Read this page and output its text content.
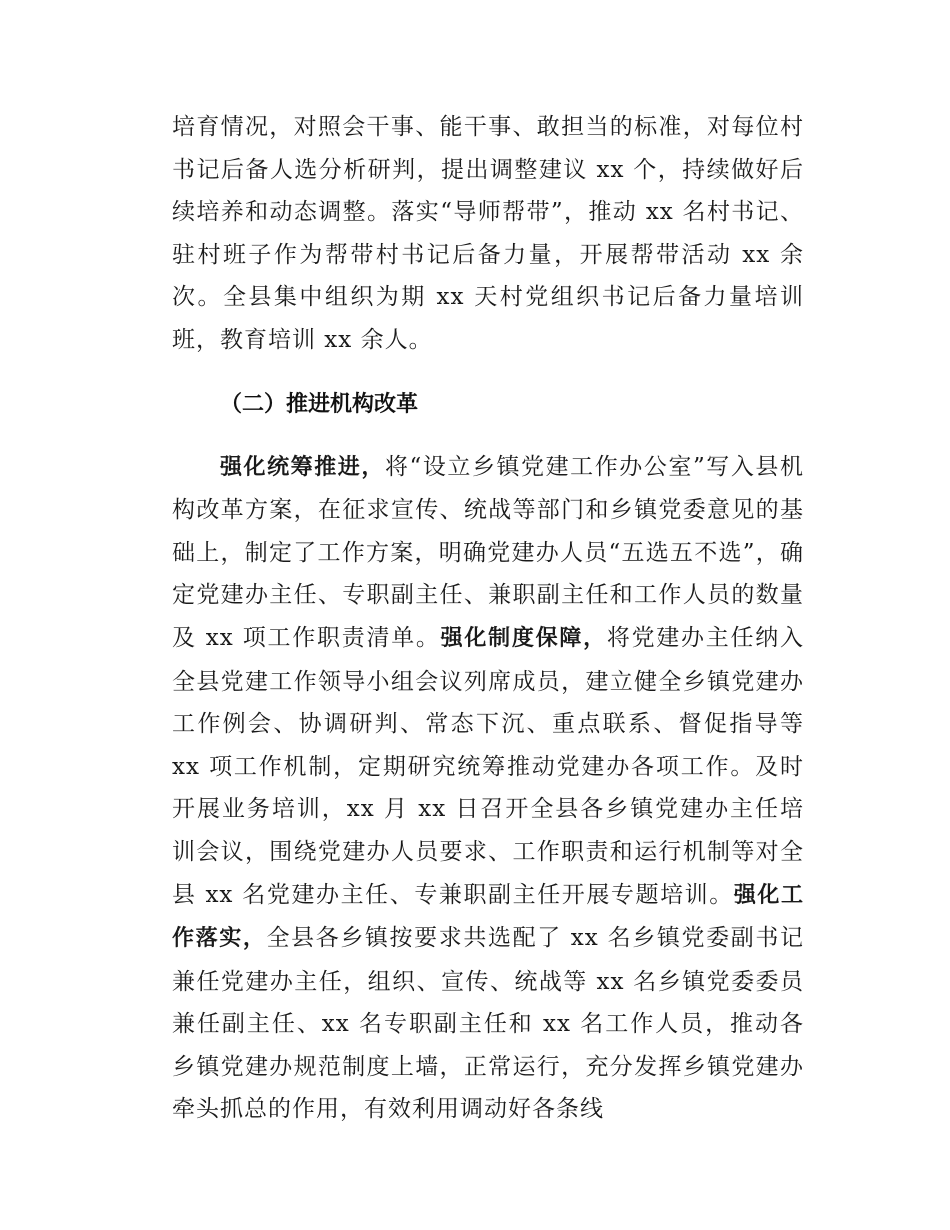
培育情况，对照会干事、能干事、敢担当的标准，对每位村书记后备人选分析研判，提出调整建议 xx 个，持续做好后续培养和动态调整。落实“导师帮带”，推动 xx 名村书记、驻村班子作为帮带村书记后备力量，开展帮带活动 xx 余次。全县集中组织为期 xx 天村党组织书记后备力量培训班，教育培训 xx 余人。

（二）推进机构改革

强化统筹推进，将“设立乡镇党建工作办公室”写入县机构改革方案，在征求宣传、统战等部门和乡镇党委意见的基础上，制定了工作方案，明确党建办人员“五选五不选”，确定党建办主任、专职副主任、兼职副主任和工作人员的数量及 xx 项工作职责清单。强化制度保障，将党建办主任纳入全县党建工作领导小组会议列席成员，建立健全乡镇党建办工作例会、协调研判、常态下沉、重点联系、督促指导等 xx 项工作机制，定期研究统筹推动党建办各项工作。及时开展业务培训，xx 月 xx 日召开全县各乡镇党建办主任培训会议，围绕党建办人员要求、工作职责和运行机制等对全县 xx 名党建办主任、专兼职副主任开展专题培训。强化工作落实，全县各乡镇按要求共选配了 xx 名乡镇党委副书记兼任党建办主任，组织、宣传、统战等 xx 名乡镇党委委员兼任副主任、xx 名专职副主任和 xx 名工作人员，推动各乡镇党建办规范制度上墙，正常运行，充分发挥乡镇党建办牵头抓总的作用，有效利用调动好各条线
